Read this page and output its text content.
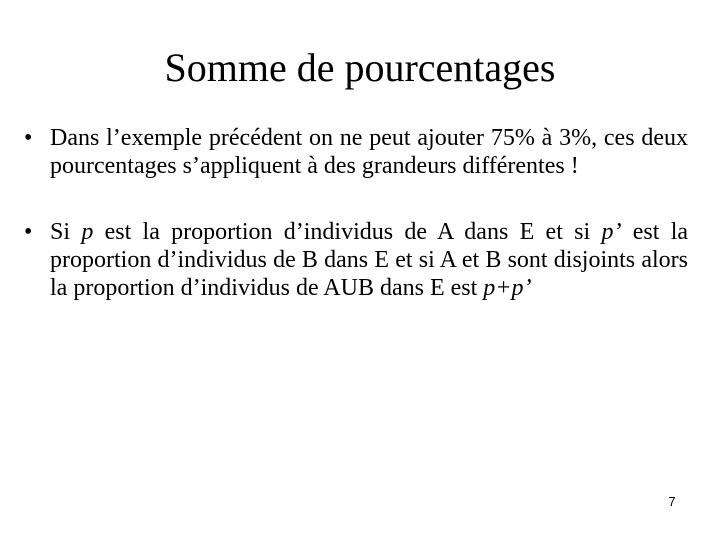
Somme de pourcentages
• Dans l’exemple précédent on ne peut ajouter 75% à 3%, ces deux pourcentages s’appliquent à des grandeurs différentes !
• Si p est la proportion d’individus de A dans E et si p’ est la proportion d’individus de B dans E et si A et B sont disjoints alors la proportion d’individus de AUB dans E est p+p’
7
